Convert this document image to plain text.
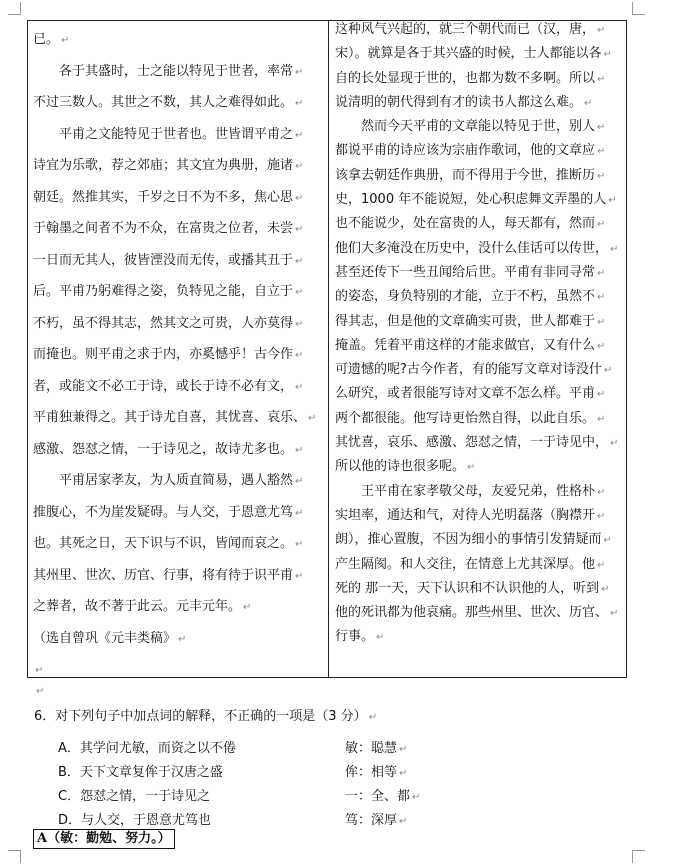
已。 ↵
　　各于其盛时，士之能以特见于世者，率常 ↵
不过三数人。其世之不数，其人之难得如此。 ↵
　　平甫之文能特见于世者也。世皆谓平甫之 ↵
诗宜为乐歌，荐之郊庙；其文宜为典册，施诸 ↵
朝廷。然推其实，千岁之日不为不多，焦心思 ↵
于翰墨之间者不为不众，在富贵之位者，未尝 ↵
一日而无其人，彼皆湮没而无传，或播其丑于 ↵
后。平甫乃躬难得之姿，负特见之能，自立于 ↵
不朽，虽不得其志，然其文之可贵，人亦莫得 ↵
而掩也。则平甫之求于内，亦奚憾乎！古今作 ↵
者，或能文不必工于诗，或长于诗不必有文， ↵
平甫独兼得之。其于诗尤自喜，其忧喜、哀乐、 ↵
感激、怨怼之情，一于诗见之，故诗尤多也。 ↵
　　平甫居家孝友，为人质直简易，遇人豁然 ↵
推腹心，不为崖发疑碍。与人交，于恩意尤笃 ↵
也。其死之日，天下识与不识，皆闻而哀之。 ↵
其州里、世次、历官、行事，将有待于识平甫 ↵
之葬者，故不著于此云。元丰元年。 ↵
（选自曾巩《元丰类稿》 ↵
↵
这种风气兴起的，就三个朝代而已（汉，唐， ↵
宋）。就算是各于其兴盛的时候，士人都能以各 ↵
自的长处显现于世的，也都为数不多啊。所以 ↵
说清明的朝代得到有才的读书人都这么难。 ↵
　　然而今天平甫的文章能以特见于世，别人 ↵
都说平甫的诗应该为宗庙作歌词，他的文章应 ↵
该拿去朝廷作典册，而不得用于今世，推断历 ↵
史，1000 年不能说短，处心积虑舞文弄墨的人 ↵
也不能说少，处在富贵的人，每天都有，然而 ↵
他们大多淹没在历史中，没什么佳话可以传世， ↵
甚至还传下一些丑闻给后世。平甫有非同寻常 ↵
的姿态，身负特别的才能，立于不朽，虽然不 ↵
得其志，但是他的文章确实可贵，世人都难于 ↵
掩盖。凭着平甫这样的才能求做官，又有什么 ↵
可遗憾的呢?古今作者，有的能写文章对诗没什 ↵
么研究，或者很能写诗对文章不怎么样。平甫 ↵
两个都很能。他写诗更怡然自得，以此自乐。 ↵
其忧喜，哀乐、感激、怨怼之情，一于诗见中， ↵
所以他的诗也很多呢。 ↵
　　王平甫在家孝敬父母，友爱兄弟，性格朴 ↵
实坦率，通达和气，对待人光明磊落（胸襟开 ↵
朗），推心置腹，不因为细小的事情引发猜疑而 ↵
产生隔阂。和人交往，在情意上尤其深厚。他 ↵
死的 那一天，天下认识和不认识他的人，听到 ↵
他的死讯都为他哀痛。那些州里、世次、历官、 ↵
行事。 ↵
↵
6．对下列句子中加点词的解释，不正确的一项是（3 分） ↵
A．其学问尤敏，而资之以不倦	敏：聪慧 ↵
B．天下文章复侔于汉唐之盛	侔：相等 ↵
C．怨怼之情，一于诗见之	一：全、都 ↵
D．与人交，于恩意尤笃也	笃：深厚 ↵
A（敏：勤勉、努力。）
